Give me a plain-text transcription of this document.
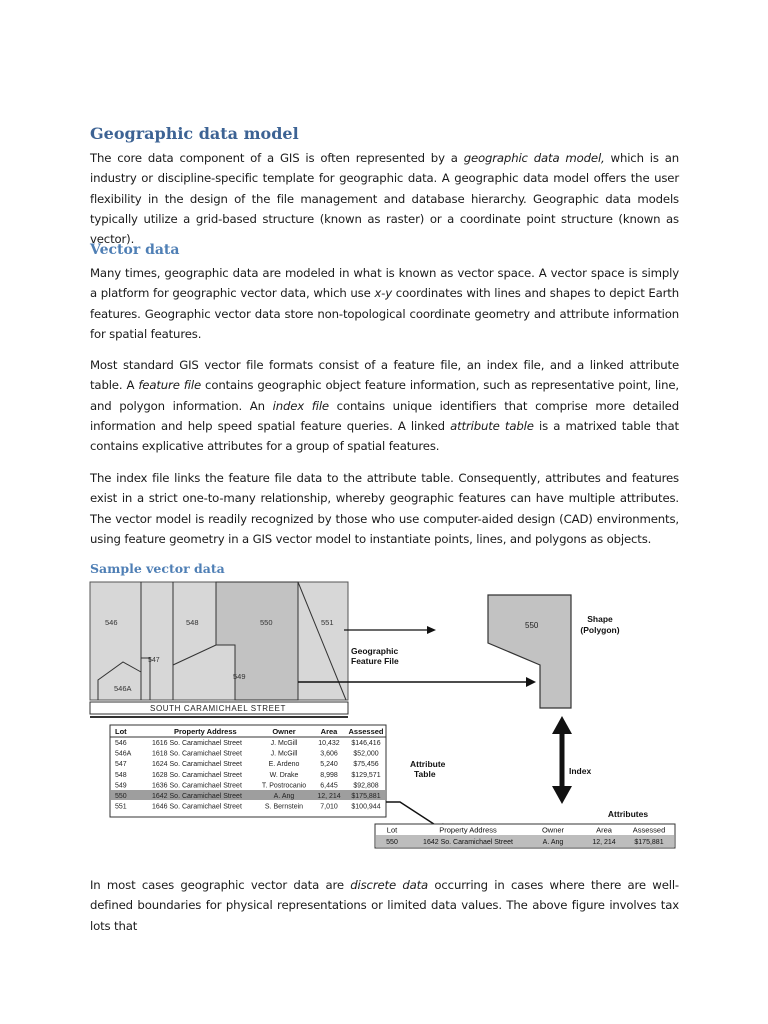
Geographic data model

The core data component of a GIS is often represented by a geographic data model, which is an industry or discipline-specific template for geographic data. A geographic data model offers the user flexibility in the design of the file management and database hierarchy. Geographic data models typically utilize a grid-based structure (known as raster) or a coordinate point structure (known as vector).

Vector data

Many times, geographic data are modeled in what is known as vector space. A vector space is simply a platform for geographic vector data, which use x-y coordinates with lines and shapes to depict Earth features. Geographic vector data store non-topological coordinate geometry and attribute information for spatial features.

Most standard GIS vector file formats consist of a feature file, an index file, and a linked attribute table. A feature file contains geographic object feature information, such as representative point, line, and polygon information. An index file contains unique identifiers that comprise more detailed information and help speed spatial feature queries. A linked attribute table is a matrixed table that contains explicative attributes for a group of spatial features.

The index file links the feature file data to the attribute table. Consequently, attributes and features exist in a strict one-to-many relationship, whereby geographic features can have multiple attributes. The vector model is readily recognized by those who use computer-aided design (CAD) environments, using feature geometry in a GIS vector model to instantiate points, lines, and polygons as objects.

Sample vector data
546	548	550	551
547
546A
549
SOUTH CARAMICHAEL STREET
Geographic
Feature File
550
Shape
(Polygon)
Index
Lot	Property Address	Owner	Area Assessed
546	1616 So. Caramichael Street	J. McGill	10,432 $146,416
546A	1618 So. Caramichael Street	J. McGill	3,606 $52,000
547	1624 So. Caramichael Street	E. Ardeno	5,240 $75,456
548	1628 So. Caramichael Street	W. Drake	8,998 $129,571
549	1636 So. Caramichael Street	T. Postrocanio 6,445 $92,808
550	1642 So. Caramichael Street	A. Ang	12, 214 $175,881
551	1646 So. Caramichael Street	S. Bernstein 7,010 $100,944
Attribute
Table
Attributes
Lot	Property Address	Owner	Area	Assessed
550	1642 So. Caramichael Street	A. Ang	12, 214	$175,881

In most cases geographic vector data are discrete data occurring in cases where there are well-defined boundaries for physical representations or limited data values. The above figure involves tax lots that
